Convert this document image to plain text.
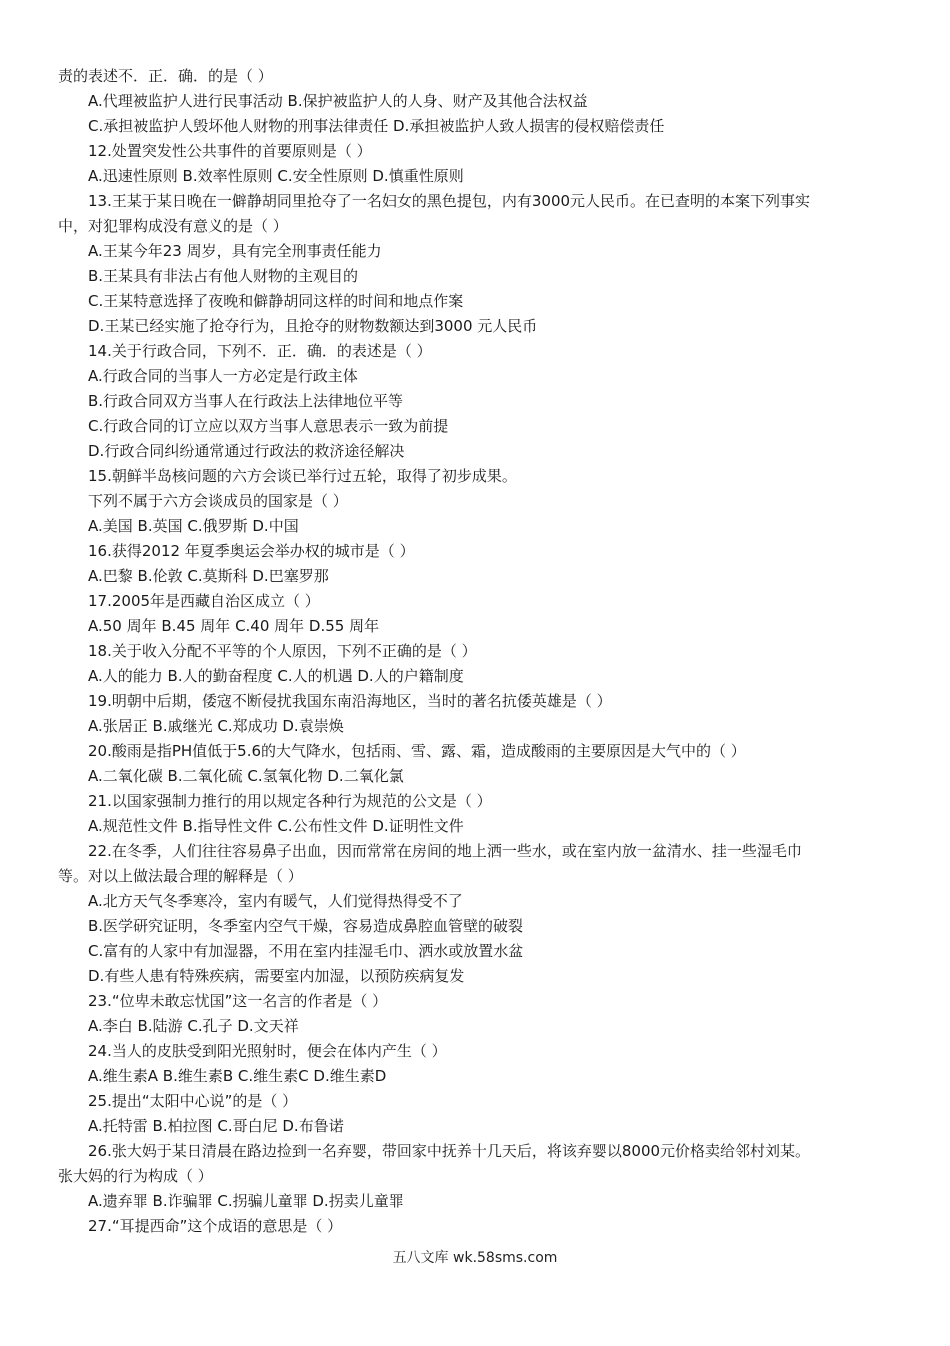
责的表述不．正．确．的是（ ）
A.代理被监护人进行民事活动 B.保护被监护人的人身、财产及其他合法权益
C.承担被监护人毁坏他人财物的刑事法律责任 D.承担被监护人致人损害的侵权赔偿责任
12.处置突发性公共事件的首要原则是（ ）
A.迅速性原则 B.效率性原则 C.安全性原则 D.慎重性原则
13.王某于某日晚在一僻静胡同里抢夺了一名妇女的黑色提包，内有3000元人民币。在已查明的本案下列事实
中，对犯罪构成没有意义的是（ ）
A.王某今年23 周岁，具有完全刑事责任能力
B.王某具有非法占有他人财物的主观目的
C.王某特意选择了夜晚和僻静胡同这样的时间和地点作案
D.王某已经实施了抢夺行为，且抢夺的财物数额达到3000 元人民币
14.关于行政合同，下列不．正．确．的表述是（ ）
A.行政合同的当事人一方必定是行政主体
B.行政合同双方当事人在行政法上法律地位平等
C.行政合同的订立应以双方当事人意思表示一致为前提
D.行政合同纠纷通常通过行政法的救济途径解决
15.朝鲜半岛核问题的六方会谈已举行过五轮，取得了初步成果。
下列不属于六方会谈成员的国家是（ ）
A.美国 B.英国 C.俄罗斯 D.中国
16.获得2012 年夏季奥运会举办权的城市是（ ）
A.巴黎 B.伦敦 C.莫斯科 D.巴塞罗那
17.2005年是西藏自治区成立（ ）
A.50 周年 B.45 周年 C.40 周年 D.55 周年
18.关于收入分配不平等的个人原因，下列不正确的是（ ）
A.人的能力 B.人的勤奋程度 C.人的机遇 D.人的户籍制度
19.明朝中后期，倭寇不断侵扰我国东南沿海地区，当时的著名抗倭英雄是（ ）
A.张居正 B.戚继光 C.郑成功 D.袁崇焕
20.酸雨是指PH值低于5.6的大气降水，包括雨、雪、露、霜，造成酸雨的主要原因是大气中的（ ）
A.二氧化碳 B.二氧化硫 C.氢氧化物 D.二氧化氯
21.以国家强制力推行的用以规定各种行为规范的公文是（ ）
A.规范性文件 B.指导性文件 C.公布性文件 D.证明性文件
22.在冬季，人们往往容易鼻子出血，因而常常在房间的地上洒一些水，或在室内放一盆清水、挂一些湿毛巾
等。对以上做法最合理的解释是（ ）
A.北方天气冬季寒冷，室内有暖气，人们觉得热得受不了
B.医学研究证明，冬季室内空气干燥，容易造成鼻腔血管壁的破裂
C.富有的人家中有加湿器，不用在室内挂湿毛巾、洒水或放置水盆
D.有些人患有特殊疾病，需要室内加湿，以预防疾病复发
23.“位卑未敢忘忧国”这一名言的作者是（ ）
A.李白 B.陆游 C.孔子 D.文天祥
24.当人的皮肤受到阳光照射时，便会在体内产生（ ）
A.维生素A B.维生素B C.维生素C D.维生素D
25.提出“太阳中心说”的是（ ）
A.托特雷 B.柏拉图 C.哥白尼 D.布鲁诺
26.张大妈于某日清晨在路边捡到一名弃婴，带回家中抚养十几天后，将该弃婴以8000元价格卖给邻村刘某。
张大妈的行为构成（ ）
A.遗弃罪 B.诈骗罪 C.拐骗儿童罪 D.拐卖儿童罪
27.“耳提西命”这个成语的意思是（ ）
五八文库 wk.58sms.com
